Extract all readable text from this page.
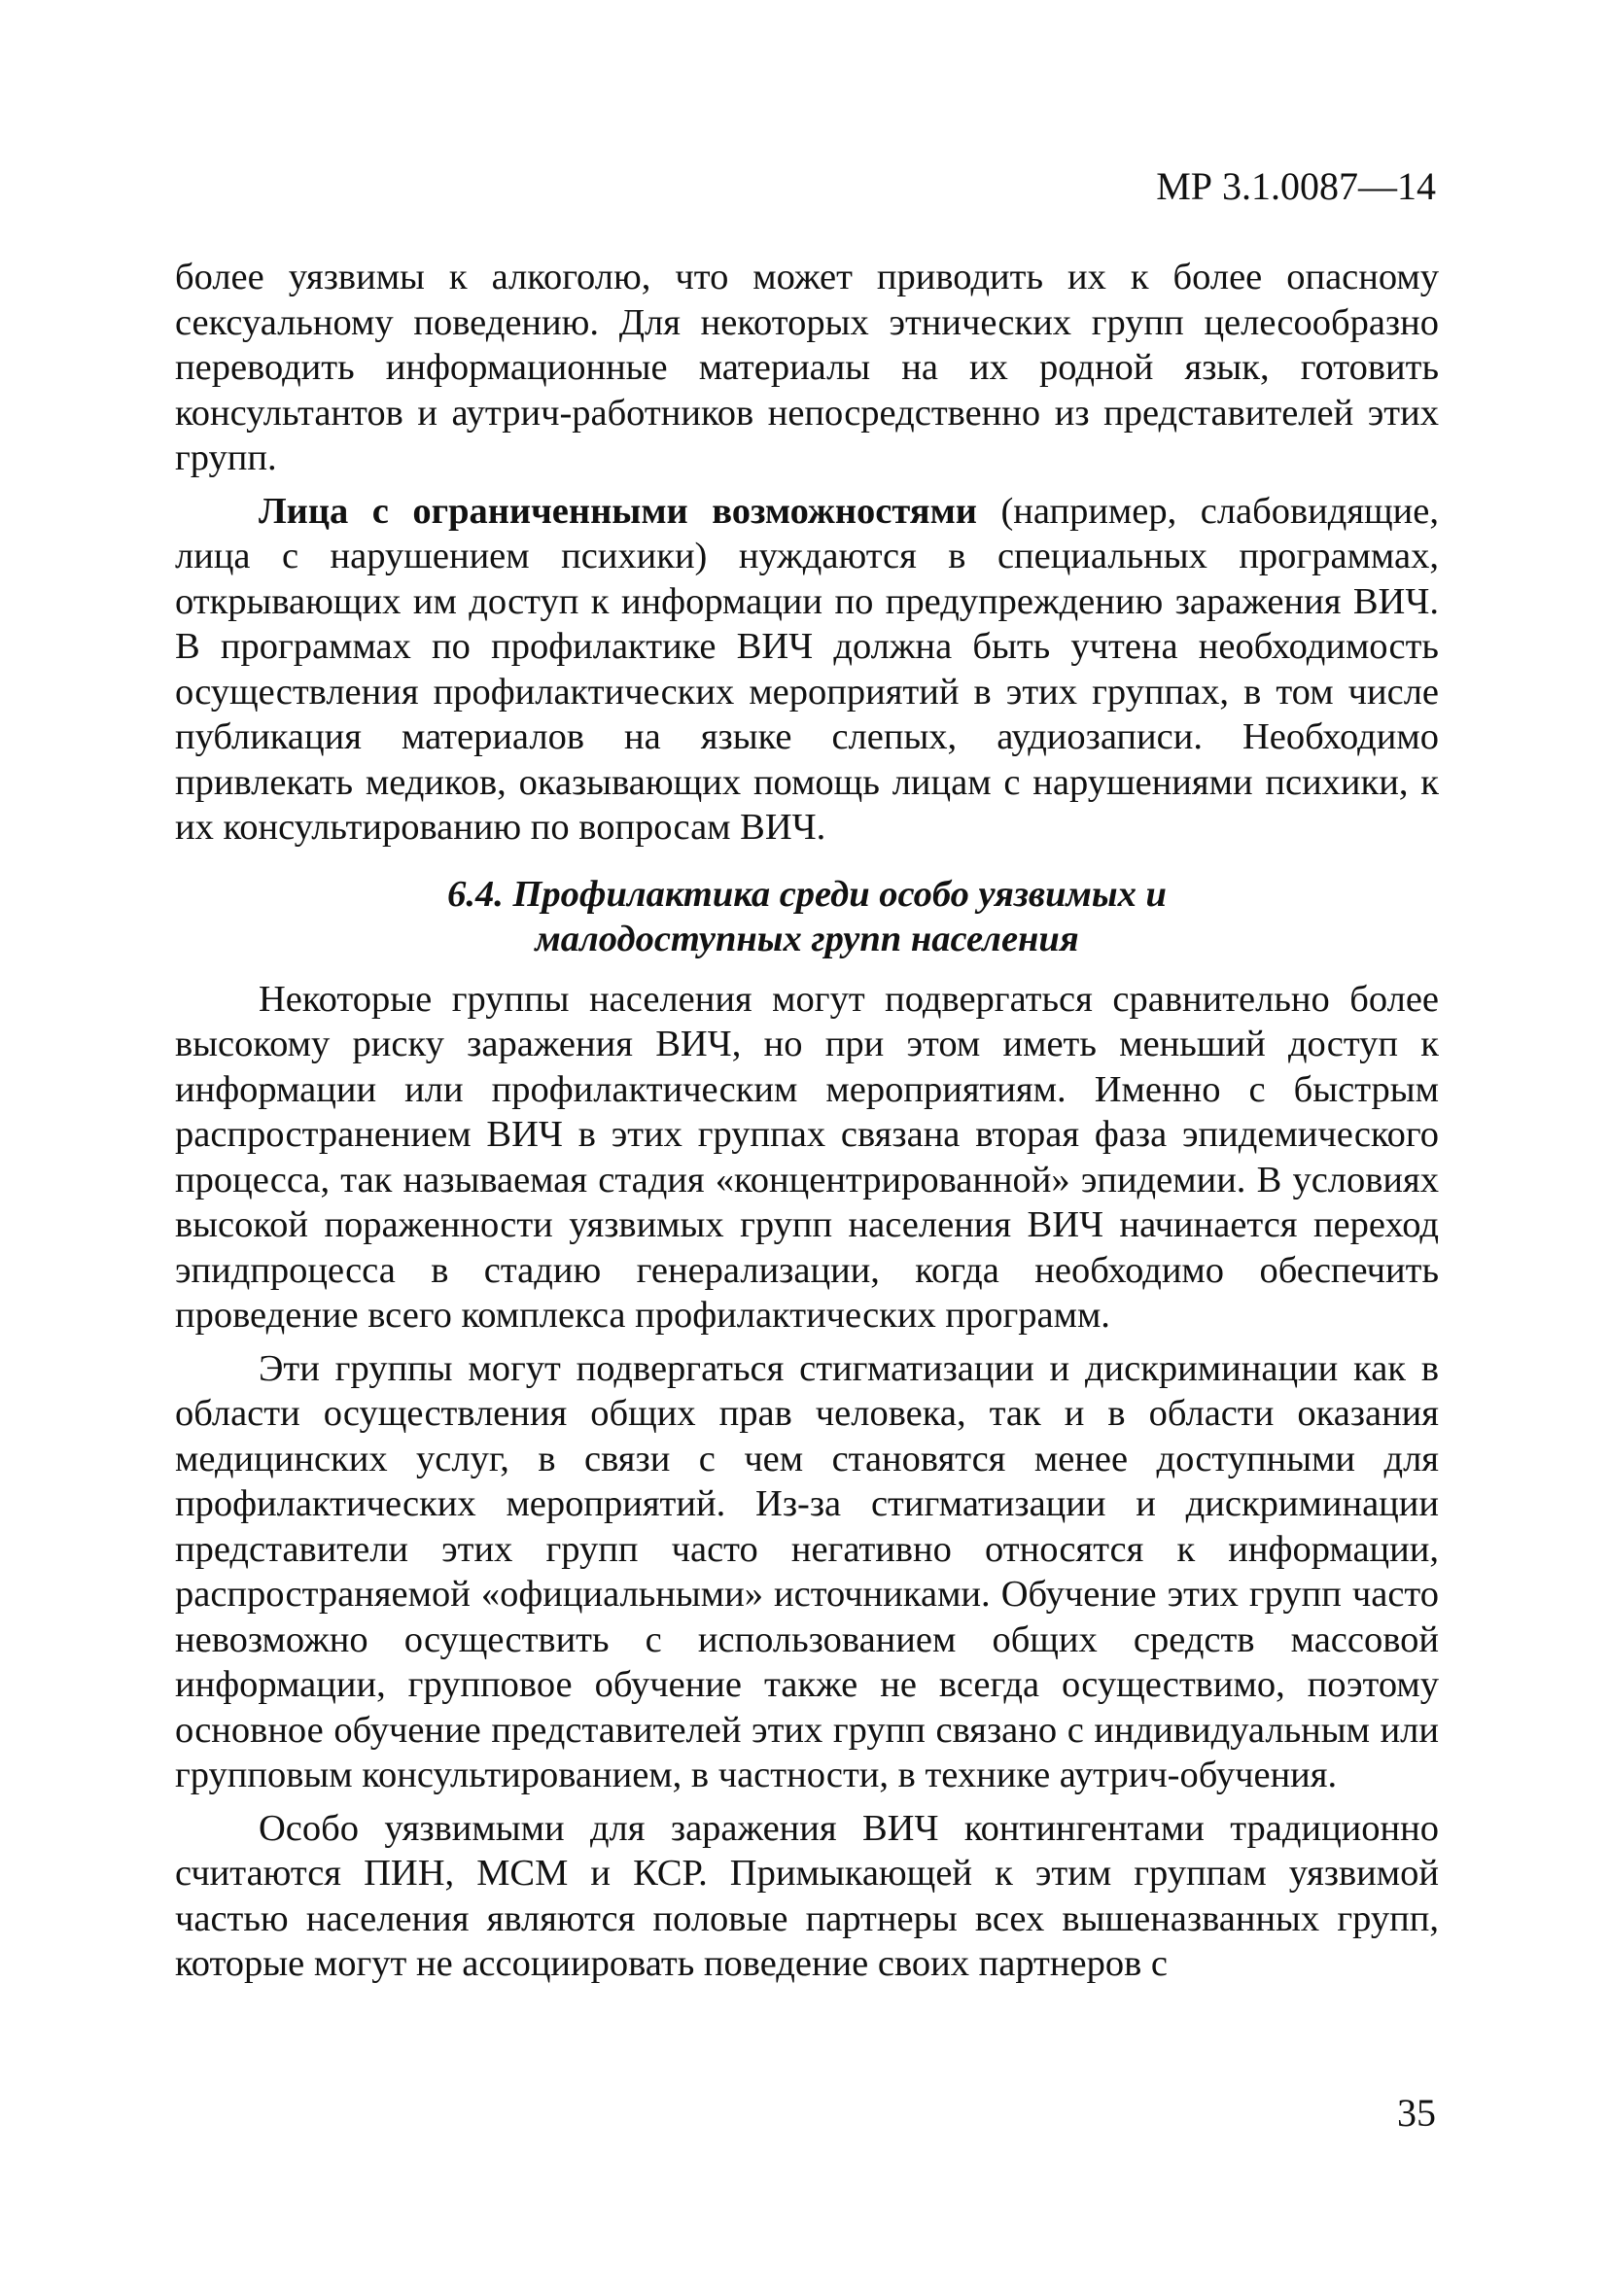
МР 3.1.0087—14

более уязвимы к алкоголю, что может приводить их к более опасному сексуальному поведению. Для некоторых этнических групп целесообразно переводить информационные материалы на их родной язык, готовить консультантов и аутрич-работников непосредственно из представителей этих групп.

Лица с ограниченными возможностями (например, слабовидящие, лица с нарушением психики) нуждаются в специальных программах, открывающих им доступ к информации по предупреждению заражения ВИЧ. В программах по профилактике ВИЧ должна быть учтена необходимость осуществления профилактических мероприятий в этих группах, в том числе публикация материалов на языке слепых, аудиозаписи. Необходимо привлекать медиков, оказывающих помощь лицам с нарушениями психики, к их консультированию по вопросам ВИЧ.

6.4. Профилактика среди особо уязвимых и
малодоступных групп населения

Некоторые группы населения могут подвергаться сравнительно более высокому риску заражения ВИЧ, но при этом иметь меньший доступ к информации или профилактическим мероприятиям. Именно с быстрым распространением ВИЧ в этих группах связана вторая фаза эпидемического процесса, так называемая стадия «концентрированной» эпидемии. В условиях высокой пораженности уязвимых групп населения ВИЧ начинается переход эпидпроцесса в стадию генерализации, когда необходимо обеспечить проведение всего комплекса профилактических программ.

Эти группы могут подвергаться стигматизации и дискриминации как в области осуществления общих прав человека, так и в области оказания медицинских услуг, в связи с чем становятся менее доступными для профилактических мероприятий. Из-за стигматизации и дискриминации представители этих групп часто негативно относятся к информации, распространяемой «официальными» источниками. Обучение этих групп часто невозможно осуществить с использованием общих средств массовой информации, групповое обучение также не всегда осуществимо, поэтому основное обучение представителей этих групп связано с индивидуальным или групповым консультированием, в частности, в технике аутрич-обучения.

Особо уязвимыми для заражения ВИЧ контингентами традиционно считаются ПИН, МСМ и КСР. Примыкающей к этим группам уязвимой частью населения являются половые партнеры всех вышеназванных групп, которые могут не ассоциировать поведение своих партнеров с

35
